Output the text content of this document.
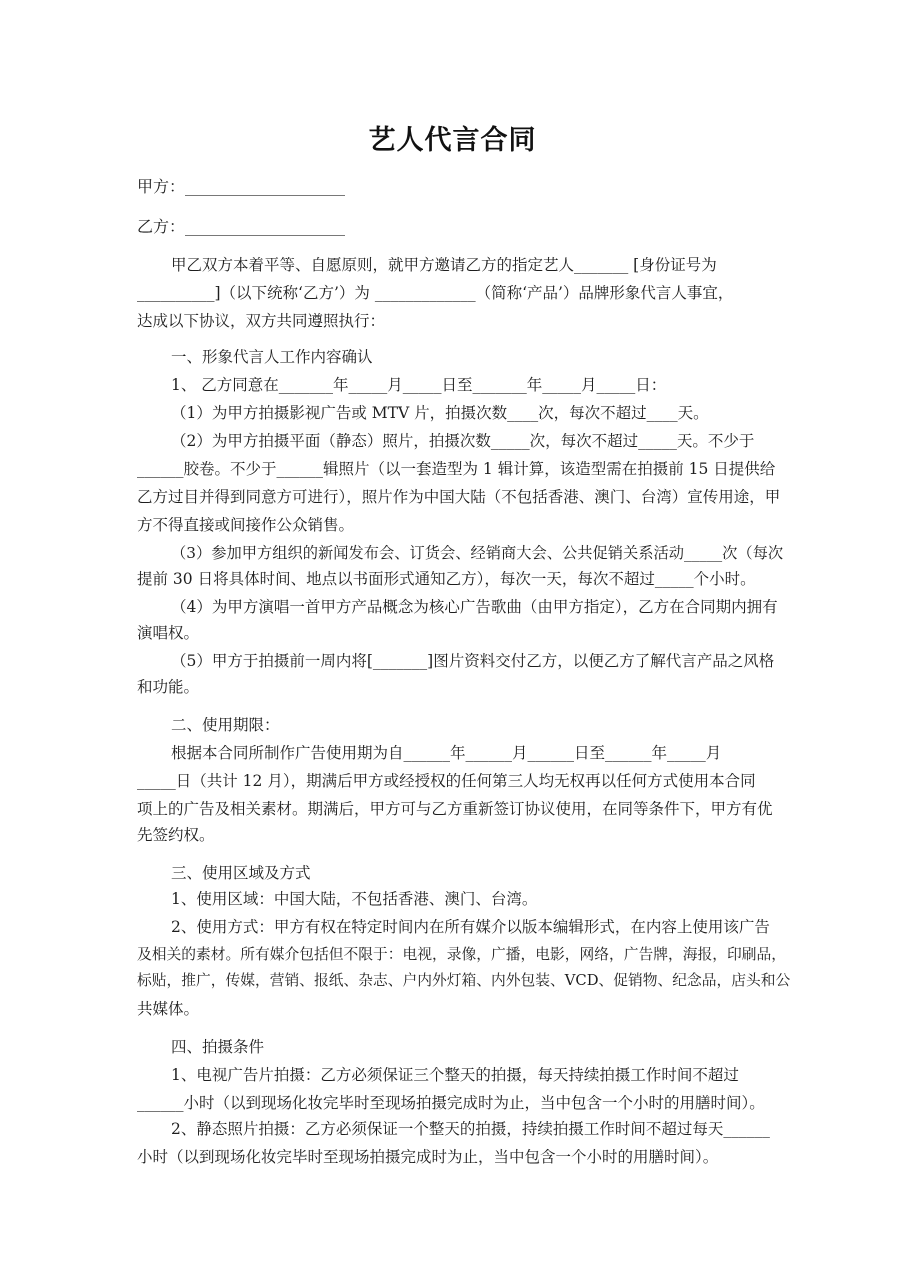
艺人代言合同
甲方：____________________
乙方：____________________
甲乙双方本着平等、自愿原则，就甲方邀请乙方的指定艺人_______ [身份证号为
__________]（以下统称‘乙方’）为 _____________（简称‘产品’）品牌形象代言人事宜，
达成以下协议，双方共同遵照执行：
一、形象代言人工作内容确认
1、 乙方同意在_______年_____月_____日至_______年_____月_____日：
（1）为甲方拍摄影视广告或 MTV 片，拍摄次数____次，每次不超过____天。
（2）为甲方拍摄平面（静态）照片，拍摄次数_____次，每次不超过_____天。不少于
______胶卷。不少于______辑照片（以一套造型为 1 辑计算，该造型需在拍摄前 15 日提供给
乙方过目并得到同意方可进行），照片作为中国大陆（不包括香港、澳门、台湾）宣传用途，甲
方不得直接或间接作公众销售。
（3）参加甲方组织的新闻发布会、订货会、经销商大会、公共促销关系活动_____次（每次
提前 30 日将具体时间、地点以书面形式通知乙方），每次一天，每次不超过_____个小时。
（4）为甲方演唱一首甲方产品概念为核心广告歌曲（由甲方指定），乙方在合同期内拥有
演唱权。
（5）甲方于拍摄前一周内将[_______]图片资料交付乙方，以便乙方了解代言产品之风格
和功能。
二、使用期限：
根据本合同所制作广告使用期为自______年______月______日至______年_____月
_____日（共计 12 月），期满后甲方或经授权的任何第三人均无权再以任何方式使用本合同
项上的广告及相关素材。期满后，甲方可与乙方重新签订协议使用，在同等条件下，甲方有优
先签约权。
三、使用区域及方式
1、使用区域：中国大陆，不包括香港、澳门、台湾。
2、使用方式：甲方有权在特定时间内在所有媒介以版本编辑形式，在内容上使用该广告
及相关的素材。所有媒介包括但不限于：电视，录像，广播，电影，网络，广告牌，海报，印刷品，
标贴，推广，传媒，营销、报纸、杂志、户内外灯箱、内外包装、VCD、促销物、纪念品，店头和公
共媒体。
四、拍摄条件
1、电视广告片拍摄：乙方必须保证三个整天的拍摄，每天持续拍摄工作时间不超过
______小时（以到现场化妆完毕时至现场拍摄完成时为止，当中包含一个小时的用膳时间）。
2、静态照片拍摄：乙方必须保证一个整天的拍摄，持续拍摄工作时间不超过每天______
小时（以到现场化妆完毕时至现场拍摄完成时为止，当中包含一个小时的用膳时间）。
